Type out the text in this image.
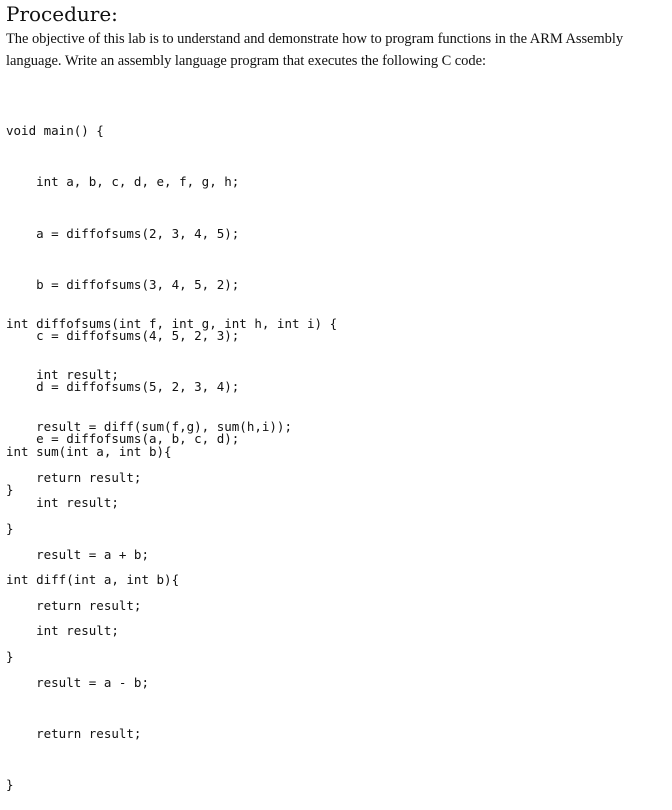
Procedure:

The objective of this lab is to understand and demonstrate how to program functions in the ARM Assembly

language. Write an assembly language program that executes the following C code:

void main() {

int a, b, c, d, e, f, g, h;

a = diffofsums(2, 3, 4, 5);

b = diffofsums(3, 4, 5, 2);

c = diffofsums(4, 5, 2, 3);

d = diffofsums(5, 2, 3, 4);

e = diffofsums(a, b, c, d);

}

int diffofsums(int f, int g, int h, int i) {

int result;

result = diff(sum(f,g), sum(h,i));

return result;

}

int sum(int a, int b){

int result;

result = a + b;

return result;

}

int diff(int a, int b){

int result;

result = a - b;

return result;

}
